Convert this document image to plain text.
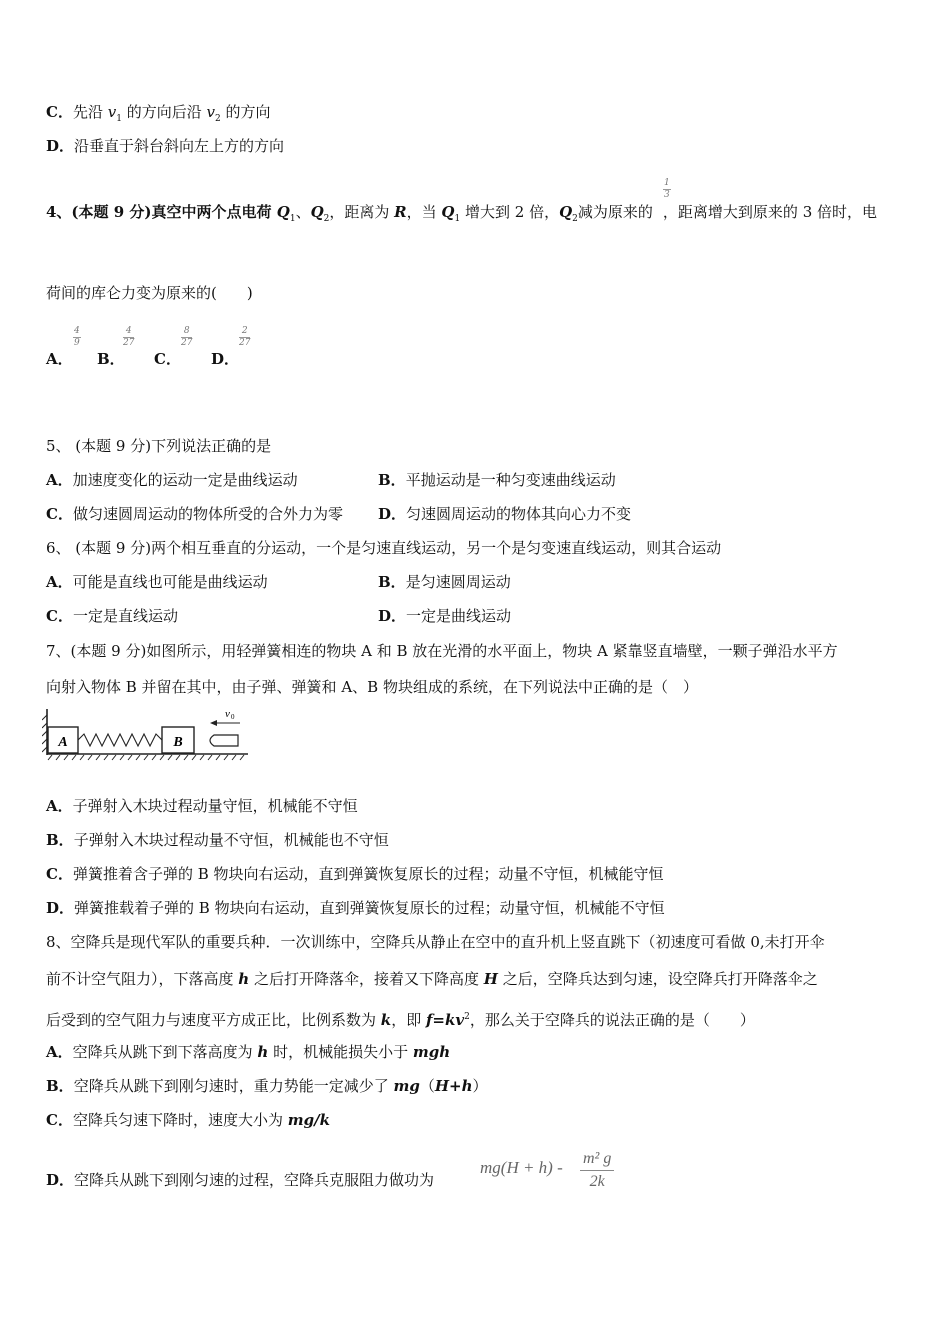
C．先沿 $v_1$ 的方向后沿 $v_2$ 的方向
D．沿垂直于斜台斜向左上方的方向
4、(本题 9 分)真空中两个点电荷 $Q_1$、$Q_2$，距离为 R，当 $Q_1$ 增大到 2 倍，$Q_2$减为原来的 ，距离增大到原来的 3 倍时，电
$\frac{1}{3}$
荷间的库仑力变为原来的(　　)
A．
$\frac{4}{9}$
B．
$\frac{4}{27}$
C．
$\frac{8}{27}$
D．
$\frac{2}{27}$
5、 (本题 9 分)下列说法正确的是
A．加速度变化的运动一定是曲线运动	B．平抛运动是一种匀变速曲线运动
C．做匀速圆周运动的物体所受的合外力为零 D．匀速圆周运动的物体其向心力不变
6、 (本题 9 分)两个相互垂直的分运动，一个是匀速直线运动，另一个是匀变速直线运动，则其合运动
A．可能是直线也可能是曲线运动	B．是匀速圆周运动
C．一定是直线运动	D．一定是曲线运动
7、(本题 9 分)如图所示，用轻弹簧相连的物块 A 和 B 放在光滑的水平面上，物块 A 紧靠竖直墙壁，一颗子弹沿水平方
向射入物体 B 并留在其中，由子弹、弹簧和 A、B 物块组成的系统，在下列说法中正确的是（　）
A	B
v 0
A．子弹射入木块过程动量守恒，机械能不守恒
B．子弹射入木块过程动量不守恒，机械能也不守恒
C．弹簧推着含子弹的 B 物块向右运动，直到弹簧恢复原长的过程；动量不守恒，机械能守恒
D．弹簧推载着子弹的 B 物块向右运动，直到弹簧恢复原长的过程；动量守恒，机械能不守恒
8、空降兵是现代军队的重要兵种．一次训练中，空降兵从静止在空中的直升机上竖直跳下（初速度可看做 0,未打开伞
前不计空气阻力），下落高度 h 之后打开降落伞，接着又下降高度 H 之后，空降兵达到匀速，设空降兵打开降落伞之
后受到的空气阻力与速度平方成正比，比例系数为 k，即 $f=kv^2$，那么关于空降兵的说法正确的是（　　）
A．空降兵从跳下到下落高度为 h 时，机械能损失小于 mgh
B．空降兵从跳下到刚匀速时，重力势能一定减少了 mg（H+h）
C．空降兵匀速下降时，速度大小为 mg/k
D．空降兵从跳下到刚匀速的过程，空降兵克服阻力做功为
mg(H + h) - m² g
2k
